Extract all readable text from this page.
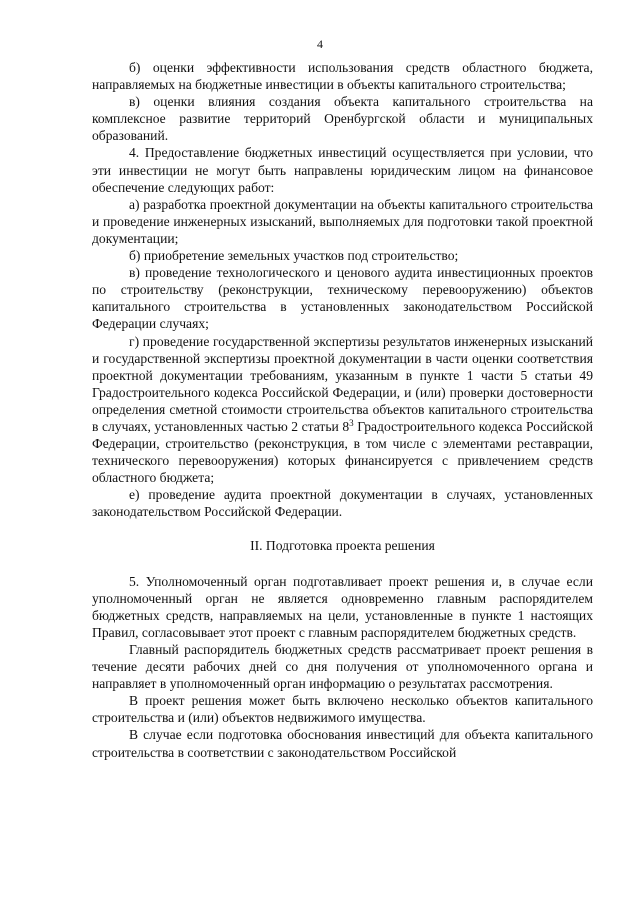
4

б) оценки эффективности использования средств областного бюджета, направляемых на бюджетные инвестиции в объекты капитального строительства;

в) оценки влияния создания объекта капитального строительства на комплексное развитие территорий Оренбургской области и муниципальных образований.

4. Предоставление бюджетных инвестиций осуществляется при условии, что эти инвестиции не могут быть направлены юридическим лицом на финансовое обеспечение следующих работ:

а) разработка проектной документации на объекты капитального строительства и проведение инженерных изысканий, выполняемых для подготовки такой проектной документации;

б) приобретение земельных участков под строительство;

в) проведение технологического и ценового аудита инвестиционных проектов по строительству (реконструкции, техническому перевооружению) объектов капитального строительства в установленных законодательством Российской Федерации случаях;

г) проведение государственной экспертизы результатов инженерных изысканий и государственной экспертизы проектной документации в части оценки соответствия проектной документации требованиям, указанным в пункте 1 части 5 статьи 49 Градостроительного кодекса Российской Федерации, и (или) проверки достоверности определения сметной стоимости строительства объектов капитального строительства в случаях, установленных частью 2 статьи $8^3$ Градостроительного кодекса Российской Федерации, строительство (реконструкция, в том числе с элементами реставрации, технического перевооружения) которых финансируется с привлечением средств областного бюджета;

е) проведение аудита проектной документации в случаях, установленных законодательством Российской Федерации.

II. Подготовка проекта решения

5. Уполномоченный орган подготавливает проект решения и, в случае если уполномоченный орган не является одновременно главным распорядителем бюджетных средств, направляемых на цели, установленные в пункте 1 настоящих Правил, согласовывает этот проект с главным распорядителем бюджетных средств.

Главный распорядитель бюджетных средств рассматривает проект решения в течение десяти рабочих дней со дня получения от уполномоченного органа и направляет в уполномоченный орган информацию о результатах рассмотрения.

В проект решения может быть включено несколько объектов капитального строительства и (или) объектов недвижимого имущества.

В случае если подготовка обоснования инвестиций для объекта капитального строительства в соответствии с законодательством Российской
